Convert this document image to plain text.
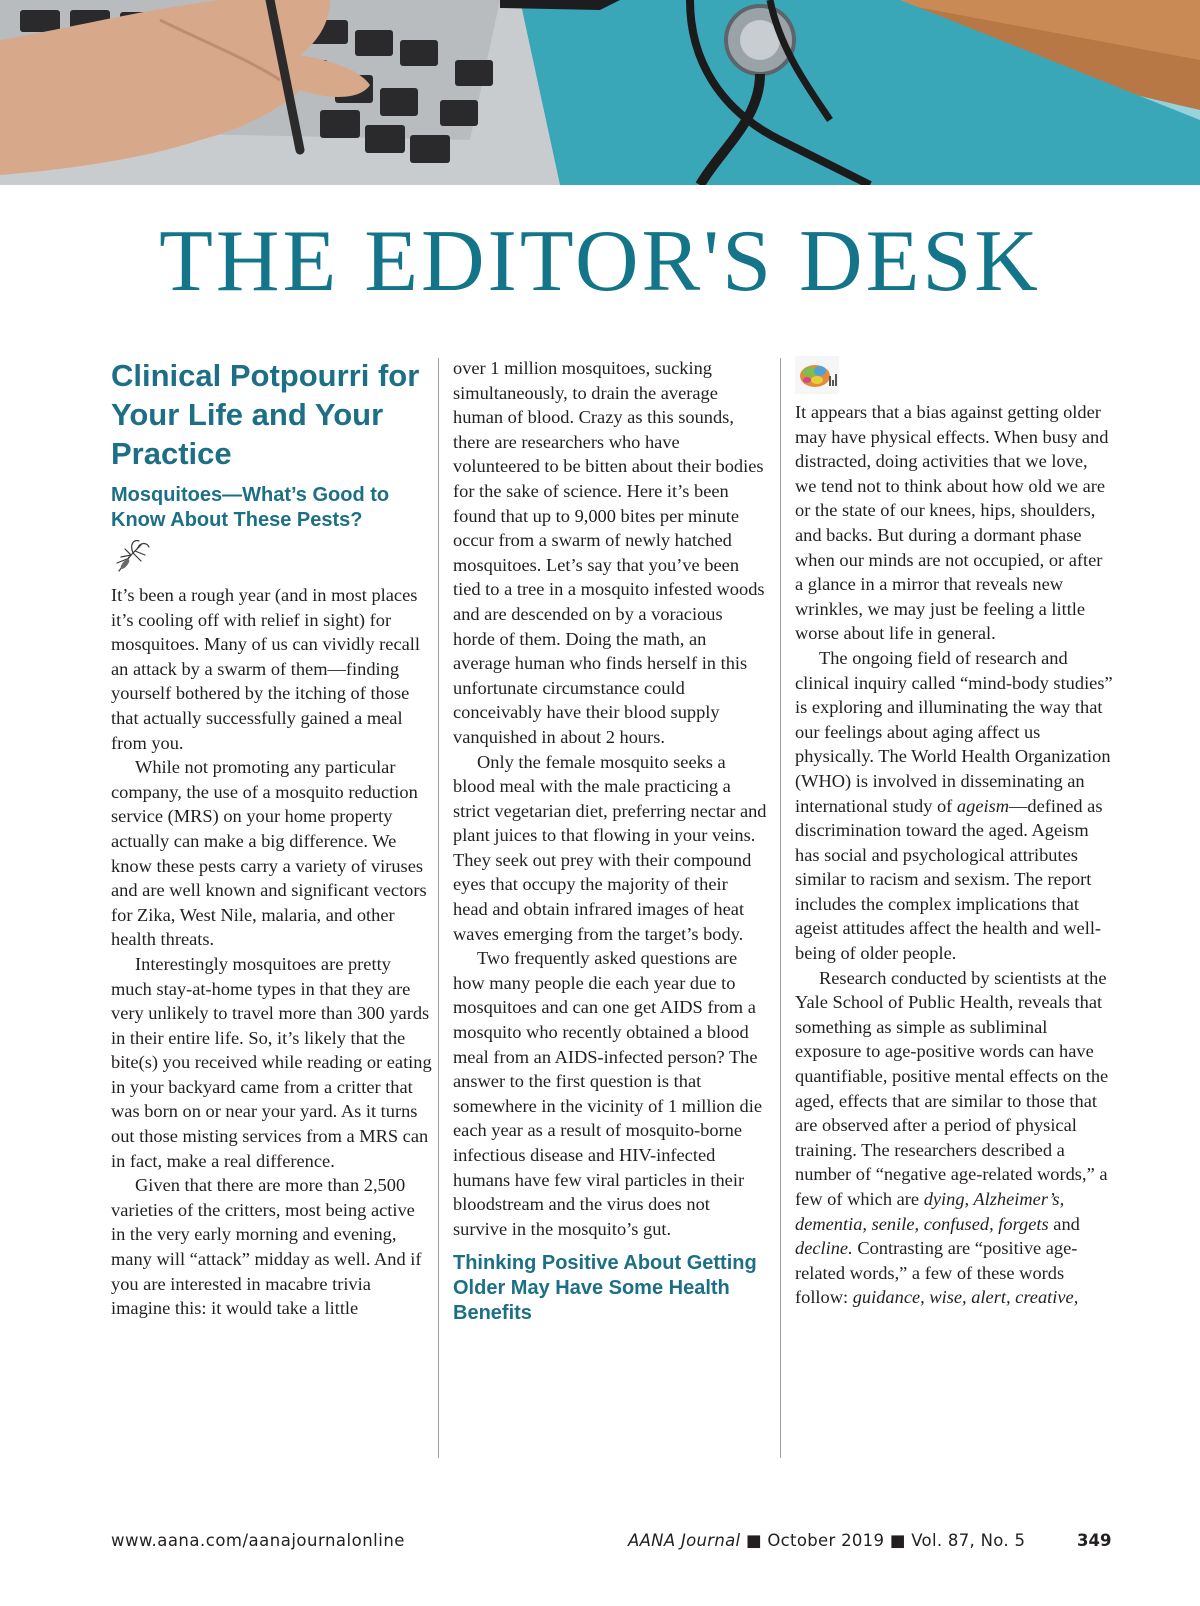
THE EDITOR'S DESK
Clinical Potpourri for Your Life and Your Practice
Mosquitoes—What’s Good to Know About These Pests?

It’s been a rough year (and in most places it’s cooling off with relief in sight) for mosquitoes. Many of us can vividly recall an attack by a swarm of them—finding yourself bothered by the itching of those that actually successfully gained a meal from you.

While not promoting any particular company, the use of a mosquito reduction service (MRS) on your home property actually can make a big difference. We know these pests carry a variety of viruses and are well known and significant vectors for Zika, West Nile, malaria, and other health threats.

Interestingly mosquitoes are pretty much stay-at-home types in that they are very unlikely to travel more than 300 yards in their entire life. So, it’s likely that the bite(s) you received while reading or eating in your backyard came from a critter that was born on or near your yard. As it turns out those misting services from a MRS can in fact, make a real difference.

Given that there are more than 2,500 varieties of the critters, most being active in the very early morning and evening, many will “attack” midday as well. And if you are interested in macabre trivia imagine this: it would take a little

over 1 million mosquitoes, sucking simultaneously, to drain the average human of blood. Crazy as this sounds, there are researchers who have volunteered to be bitten about their bodies for the sake of science. Here it’s been found that up to 9,000 bites per minute occur from a swarm of newly hatched mosquitoes. Let’s say that you’ve been tied to a tree in a mosquito infested woods and are descended on by a voracious horde of them. Doing the math, an average human who finds herself in this unfortunate circumstance could conceivably have their blood supply vanquished in about 2 hours.

Only the female mosquito seeks a blood meal with the male practicing a strict vegetarian diet, preferring nectar and plant juices to that flowing in your veins. They seek out prey with their compound eyes that occupy the majority of their head and obtain infrared images of heat waves emerging from the target’s body.

Two frequently asked questions are how many people die each year due to mosquitoes and can one get AIDS from a mosquito who recently obtained a blood meal from an AIDS-infected person? The answer to the first question is that somewhere in the vicinity of 1 million die each year as a result of mosquito-borne infectious disease and HIV-infected humans have few viral particles in their bloodstream and the virus does not survive in the mosquito’s gut.

Thinking Positive About Getting Older May Have Some Health Benefits

It appears that a bias against getting older may have physical effects. When busy and distracted, doing activities that we love, we tend not to think about how old we are or the state of our knees, hips, shoulders, and backs. But during a dormant phase when our minds are not occupied, or after a glance in a mirror that reveals new wrinkles, we may just be feeling a little worse about life in general.

The ongoing field of research and clinical inquiry called “mind-body studies” is exploring and illuminating the way that our feelings about aging affect us physically. The World Health Organization (WHO) is involved in disseminating an international study of ageism—defined as discrimination toward the aged. Ageism has social and psychological attributes similar to racism and sexism. The report includes the complex implications that ageist attitudes affect the health and well-being of older people.

Research conducted by scientists at the Yale School of Public Health, reveals that something as simple as subliminal exposure to age-positive words can have quantifiable, positive mental effects on the aged, effects that are similar to those that are observed after a period of physical training. The researchers described a number of “negative age-related words,” a few of which are dying, Alzheimer’s, dementia, senile, confused, forgets and decline. Contrasting are “positive age-related words,” a few of these words follow: guidance, wise, alert, creative,

www.aana.com/aanajournalonline	AANA Journal ■ October 2019 ■ Vol. 87, No. 5	349
